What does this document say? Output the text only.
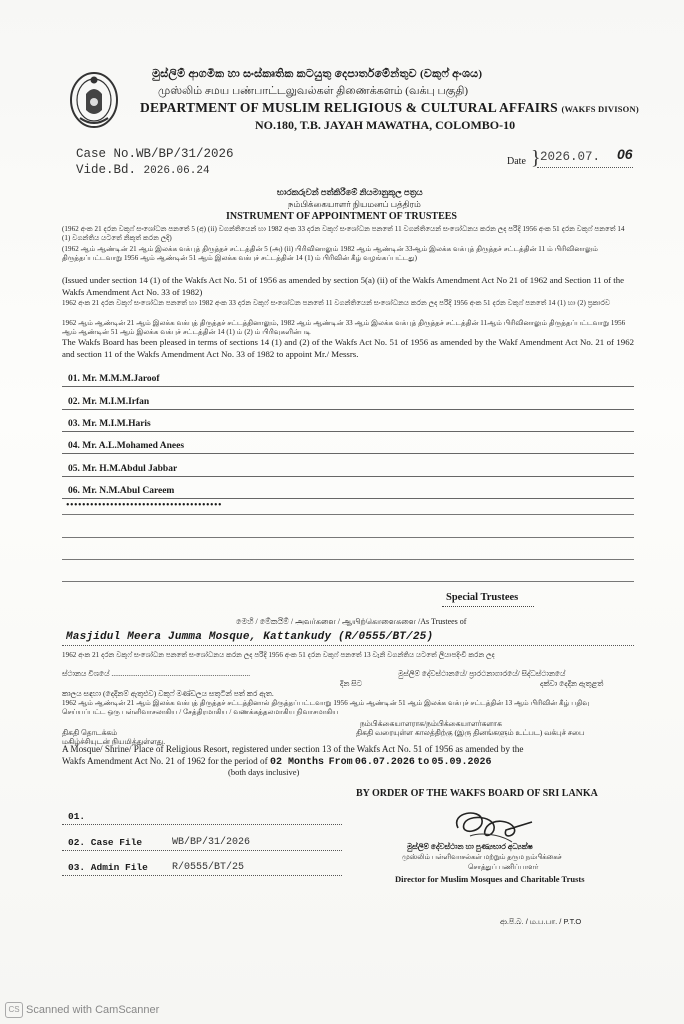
මුස්ලිම් ආගමික හා සංස්කෘතික කටයුතු දෙපාර්තමේන්තුව (වකුෆ් අංශය)
முஸ்லிம் சமய பண்பாட்டலுவல்கள் திணைக்களம் (வக்பு பகுதி)
DEPARTMENT OF MUSLIM RELIGIOUS & CULTURAL AFFAIRS (WAKFS DIVISON)
NO.180, T.B. JAYAH MAWATHA, COLOMBO-10
Case No.WB/BP/31/2026
Vide.Bd. 2026.06.24
Date } 2026.07. 06
භාරකරුවන් පත්කිරීමේ නියමානුකූල පත්‍රය
நம்பிக்கையாளர் நியமனப் பத்திரம்
INSTRUMENT OF APPOINTMENT OF TRUSTEES
(1962 අංක 21 දරන වකුෆ් සංශෝධන පනතේ 5 (අ) (ii) වගන්තියෙන් හා 1982 අංක 33 දරන වකුෆ් සංශෝධන පනතේ 11 වගන්තියෙන් සංශෝධනය කරන ලද පරිදි 1956 අංක 51 දරන වකුෆ් පනතේ 14 (1) වගන්තිය යටතේ නිකුත් කරන ලදි)
(1962 ஆம் ஆண்டின் 21 ஆம் இலக்க வக்புத் திருத்தச் சட்டத்தின் 5 (அ) (ii) பிரிவினாலும் 1982 ஆம் ஆண்டின் 33ஆம் இலக்க வக்புத் திருத்தச் சட்டத்தின் 11 ம் பிரிவினாலும் திருத்தப்பட்டவாறு 1956 ஆம் ஆண்டின் 51 ஆம் இலக்க வக்புச் சட்டத்தின் 14 (1) ம் பிரிவின் கீழ் வழங்கப்பட்டது)
(Issued under section 14 (1) of the Wakfs Act No. 51 of 1956 as amended by section 5(a) (ii) of the Wakfs Amendment Act No 21 of 1962 and Section 11 of the Wakfs Amendment Act No. 33 of 1982)
1962 අංක 21 දරන වකුෆ් සංශෝධන පනතේ හා 1982 අංක 33 දරන වකුෆ් සංශෝධන පනතේ 11 වගන්තියෙන් සංශෝධනය කරන ලද පරිදි 1956 අංක 51 දරන වකුෆ් පනතේ 14 (1) හා (2) ප්‍රකාරව
1962 ஆம் ஆண்டின் 21 ஆம் இலக்க வக்புத் திருத்தச் சட்டத்தினாலும், 1982 ஆம் ஆண்டின் 33 ஆம் இலக்க வக்புத் திருத்தச் சட்டத்தின் 11ஆம் பிரிவினாலும் திருத்தப்பட்டவாறு 1956 ஆம் ஆண்டின் 51 ஆம் இலக்க வக்புச் சட்டத்தின் 14 (1) ம் (2) ம் பிரிவுகளின்படி
The Wakfs Board has been pleased in terms of sections 14 (1) and (2) of the Wakfs Act No. 51 of 1956 as amended by the Wakf Amendment Act No. 21 of 1962 and section 11 of the Wakfs Amendment Act No. 33 of 1982 to appoint Mr./ Messrs.
01. Mr. M.M.M.Jaroof
02. Mr. M.I.M.Irfan
03. Mr. M.I.M.Haris
04. Mr. A.L.Mohamed Anees
05. Mr. H.M.Abdul Jabbar
06. Mr. N.M.Abul Careem
•••••••••••••••••••••••••••••••••••••••
Special Trustees
මෙහි / මේකයිම් / அவர்களை / ஆயிற்கொளைகளை /As Trustees of
Masjidul Meera Jumma Mosque, Kattankudy (R/0555/BT/25)
1962 අංක 21 දරන වකුෆ් සංශෝධන පනතේ සංශෝධනය කරන ලද පරිදි 1956 අංක 51 දරන වකුෆ් පනතේ 13 වැනි වගන්තිය යටතේ ලියාපදිංචි කරන ලද
මුස්ලිම් දේවස්ථානයේ/ ප්‍රාරථනාගාරයේ/ සිද්ධස්ථානයේ
ස්ථානය විශයේ ..........................................................................
දින සිට	දක්වා දෙදින ඇතුළත්
කාලය සඳහා (දෙදිනම් ඇතුළුව) වකුෆ් මණ්ඩලය සතුටින් පත් කර ඇත.
1962 ஆம் ஆண்டின் 21 ஆம் இலக்க வக்புத் திருத்தச் சட்டத்தினால் திருத்தப்பட்டவாறு 1956 ஆம் ஆண்டின் 51 ஆம் இலக்க வக்புச் சட்டத்தின் 13 ஆம் பிரிவின் கீழ் பதிவு செய்யப்பட்ட ஒரு பள்ளிவாசலாகிய / சேத்திரமாகிய / வணக்கத்தலமாகிய நிவாசமாகிய
நம்பிக்கையாளராக/நம்பிக்கையாளர்களாக
திகதி தொடக்கம்	திகதி வரையுள்ள காலத்திற்கு (இரு தினங்களும் உட்பட) வக்புச் சபை
மகிழ்ச்சியுடன் நியமித்துள்ளது.
A Mosque/ Shrine/ Place of Religious Resort, registered under section 13 of the Wakfs Act No. 51 of 1956 as amended by the
Wakfs Amendment Act No. 21 of 1962 for the period of 02 Months From 06.07.2026 to 05.09.2026
(both days inclusive)
BY ORDER OF THE WAKFS BOARD OF SRI LANKA
මුස්ලිම් දේවස්ථාන හා පුණ්‍යභාර අධ්‍යක්ෂ
முஸ்லிம் பள்ளிவாசல்கள் மற்றும் தரும நம்பிக்கைச்
சொத்துப் பணிப்பாளர்
Director for Muslim Mosques and Charitable Trusts
01.
02. Case File	WB/BP/31/2026
03. Admin File R/0555/BT/25
ආ.පි.බ. / ம.ப.பா. / P.T.O
CS Scanned with CamScanner
